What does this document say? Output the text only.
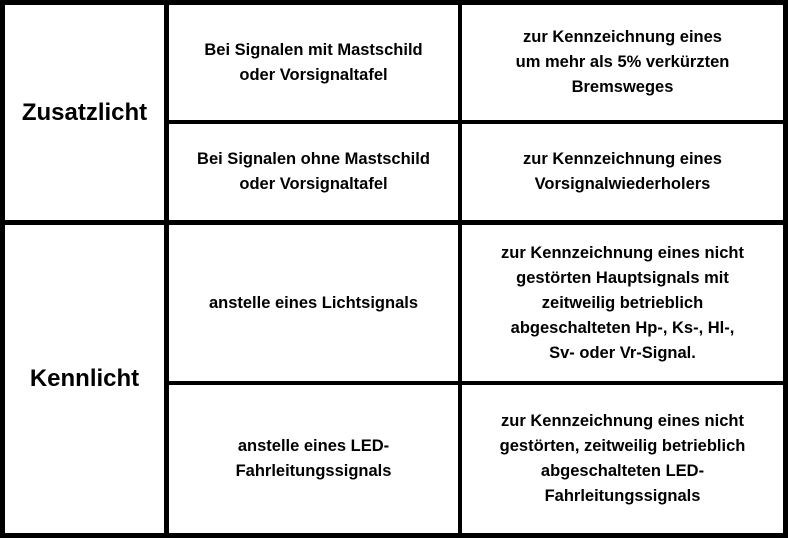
Zusatzlicht
Bei Signalen mit Mastschild
oder Vorsignaltafel
zur Kennzeichnung eines
um mehr als 5% verkürzten
Bremsweges
Bei Signalen ohne Mastschild
oder Vorsignaltafel
zur Kennzeichnung eines
Vorsignalwiederholers
Kennlicht
anstelle eines Lichtsignals
zur Kennzeichnung eines nicht
gestörten Hauptsignals mit
zeitweilig betrieblich
abgeschalteten Hp-, Ks-, Hl-,
Sv- oder Vr-Signal.
anstelle eines LED-
Fahrleitungssignals
zur Kennzeichnung eines nicht
gestörten, zeitweilig betrieblich
abgeschalteten LED-
Fahrleitungssignals
